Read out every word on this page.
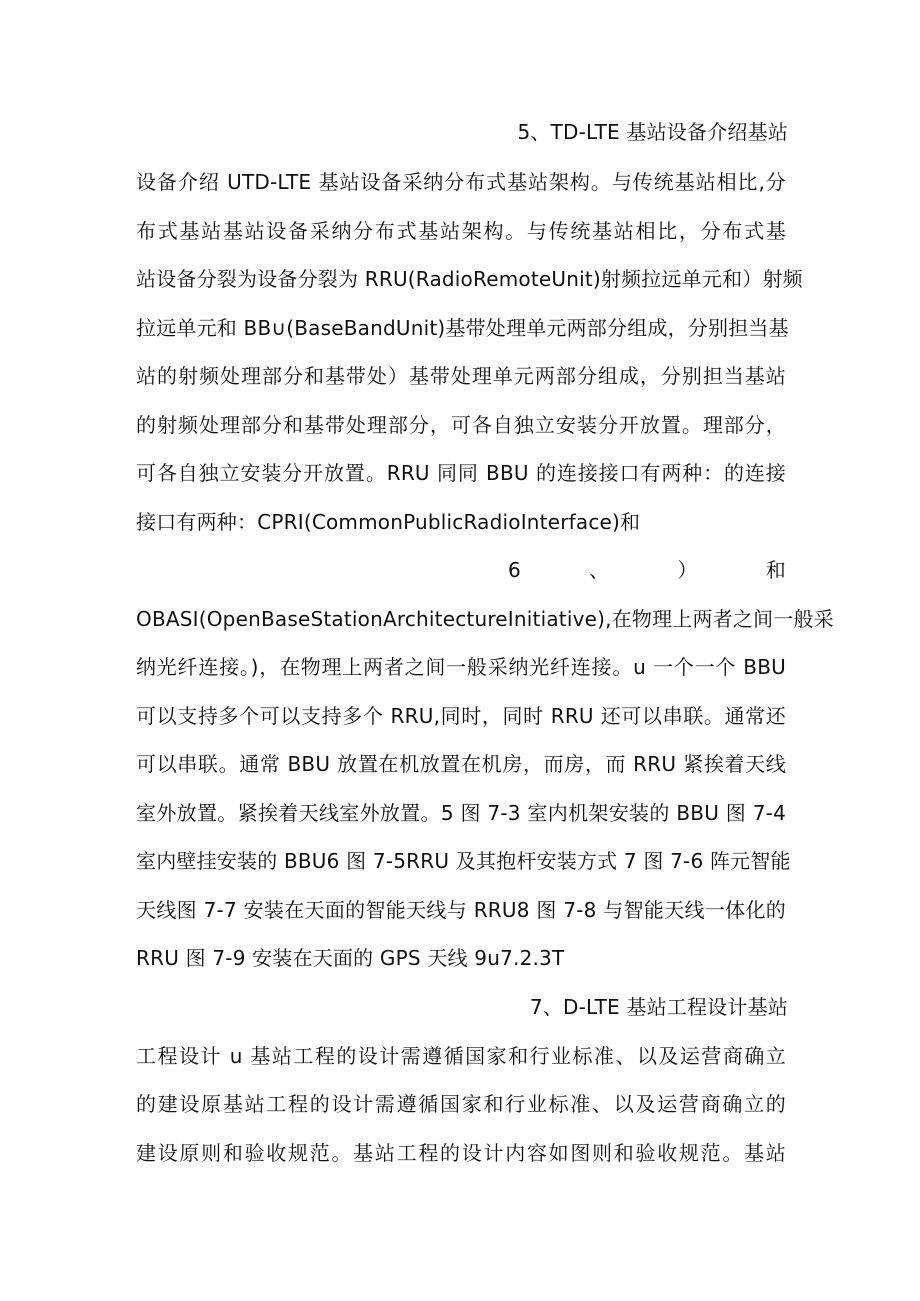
5、TD-LTE 基站设备介绍基站
设备介绍 UTD-LTE 基站设备采纳分布式基站架构。与传统基站相比,分
布式基站基站设备采纳分布式基站架构。与传统基站相比，分布式基
站设备分裂为设备分裂为 RRU(RadioRemoteUnit)射频拉远单元和）射频
拉远单元和 BB∪(BaseBandUnit)基带处理单元两部分组成，分别担当基
站的射频处理部分和基带处）基带处理单元两部分组成，分别担当基站
的射频处理部分和基带处理部分，可各自独立安装分开放置。理部分，
可各自独立安装分开放置。RRU 同同 BBU 的连接接口有两种：的连接
接口有两种：CPRI(CommonPublicRadioInterface)和
6	、	）	和
OBASI(OpenBaseStationArchitectureInitiative),在物理上两者之间一般采
纳光纤连接。)，在物理上两者之间一般采纳光纤连接。u 一个一个 BBU
可以支持多个可以支持多个 RRU,同时，同时 RRU 还可以串联。通常还
可以串联。通常 BBU 放置在机放置在机房，而房，而 RRU 紧挨着天线
室外放置。紧挨着天线室外放置。5 图 7-3 室内机架安装的 BBU 图 7-4
室内壁挂安装的 BBU6 图 7-5RRU 及其抱杆安装方式 7 图 7-6 阵元智能
天线图 7-7 安装在天面的智能天线与 RRU8 图 7-8 与智能天线一体化的
RRU 图 7-9 安装在天面的 GPS 天线 9u7.2.3T
7、D-LTE 基站工程设计基站
工程设计 u 基站工程的设计需遵循国家和行业标准、以及运营商确立
的建设原基站工程的设计需遵循国家和行业标准、以及运营商确立的
建设原则和验收规范。基站工程的设计内容如图则和验收规范。基站
